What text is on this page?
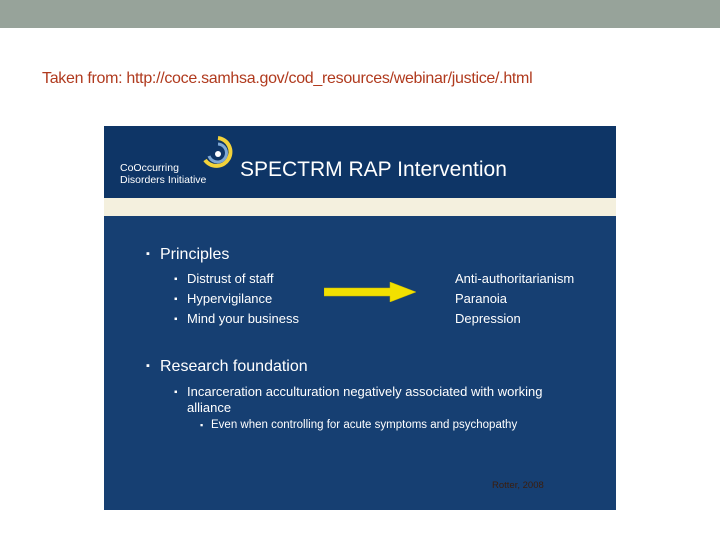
Taken from: http://coce.samhsa.gov/cod_resources/webinar/justice/.html
CoOccurring
Disorders Initiative SPECTRM RAP Intervention
▪ Principles
▪ Distrust of staff
▪ Hypervigilance
▪ Mind your business
Anti-authoritarianism
Paranoia
Depression
▪ Research foundation
▪ Incarceration acculturation negatively associated with working
alliance
▪ Even when controlling for acute symptoms and psychopathy
Rotter, 2008
